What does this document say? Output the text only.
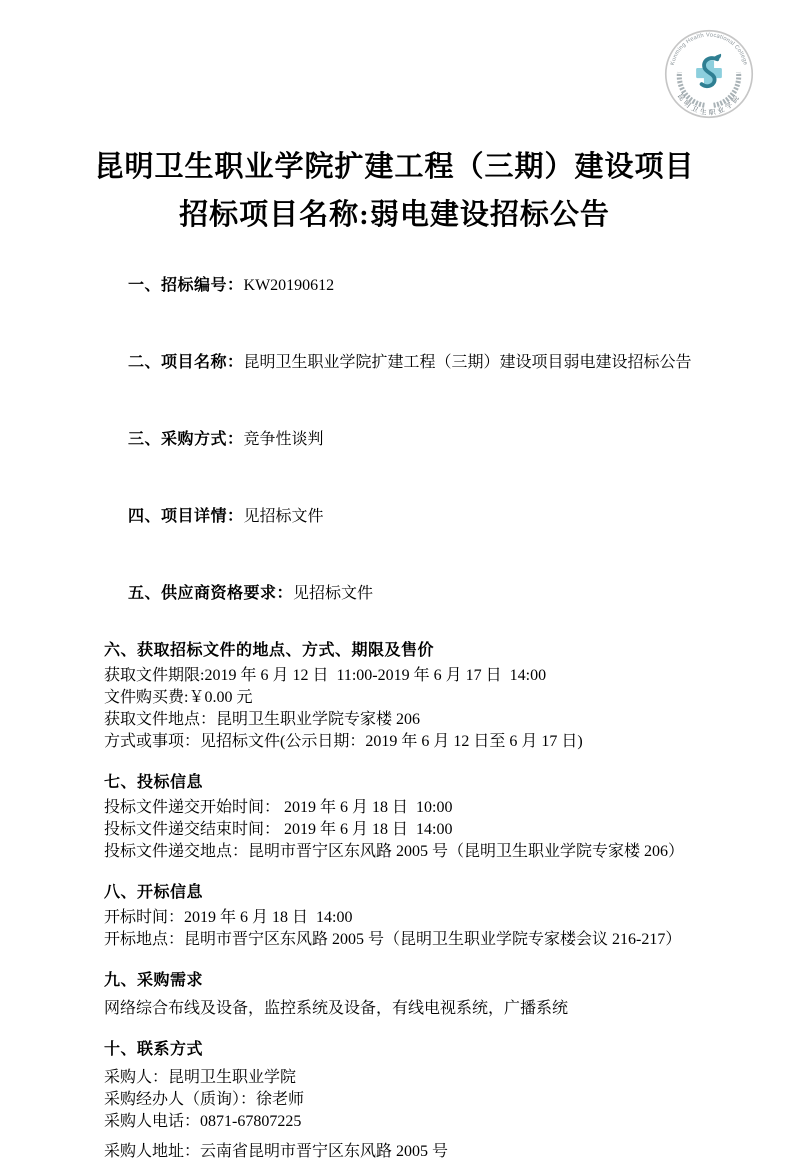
Kunming Health Vocational College
昆明卫生职业学院
昆明卫生职业学院扩建工程（三期）建设项目
招标项目名称:弱电建设招标公告

一、招标编号：KW20190612

二、项目名称：昆明卫生职业学院扩建工程（三期）建设项目弱电建设招标公告

三、采购方式：竞争性谈判

四、项目详情：见招标文件

五、供应商资格要求：见招标文件

六、获取招标文件的地点、方式、期限及售价

获取文件期限:2019 年 6 月 12 日  11:00-2019 年 6 月 17 日  14:00

文件购买费:￥0.00 元

获取文件地点：昆明卫生职业学院专家楼 206

方式或事项：见招标文件(公示日期：2019 年 6 月 12 日至 6 月 17 日)

七、投标信息

投标文件递交开始时间： 2019 年 6 月 18 日  10:00

投标文件递交结束时间： 2019 年 6 月 18 日  14:00

投标文件递交地点：昆明市晋宁区东风路 2005 号（昆明卫生职业学院专家楼 206）

八、开标信息

开标时间：2019 年 6 月 18 日  14:00

开标地点：昆明市晋宁区东风路 2005 号（昆明卫生职业学院专家楼会议 216-217）

九、采购需求

网络综合布线及设备，监控系统及设备，有线电视系统，广播系统

十、联系方式

采购人：昆明卫生职业学院

采购经办人（质询）：徐老师

采购人电话：0871-67807225

采购人地址：云南省昆明市晋宁区东风路 2005 号
